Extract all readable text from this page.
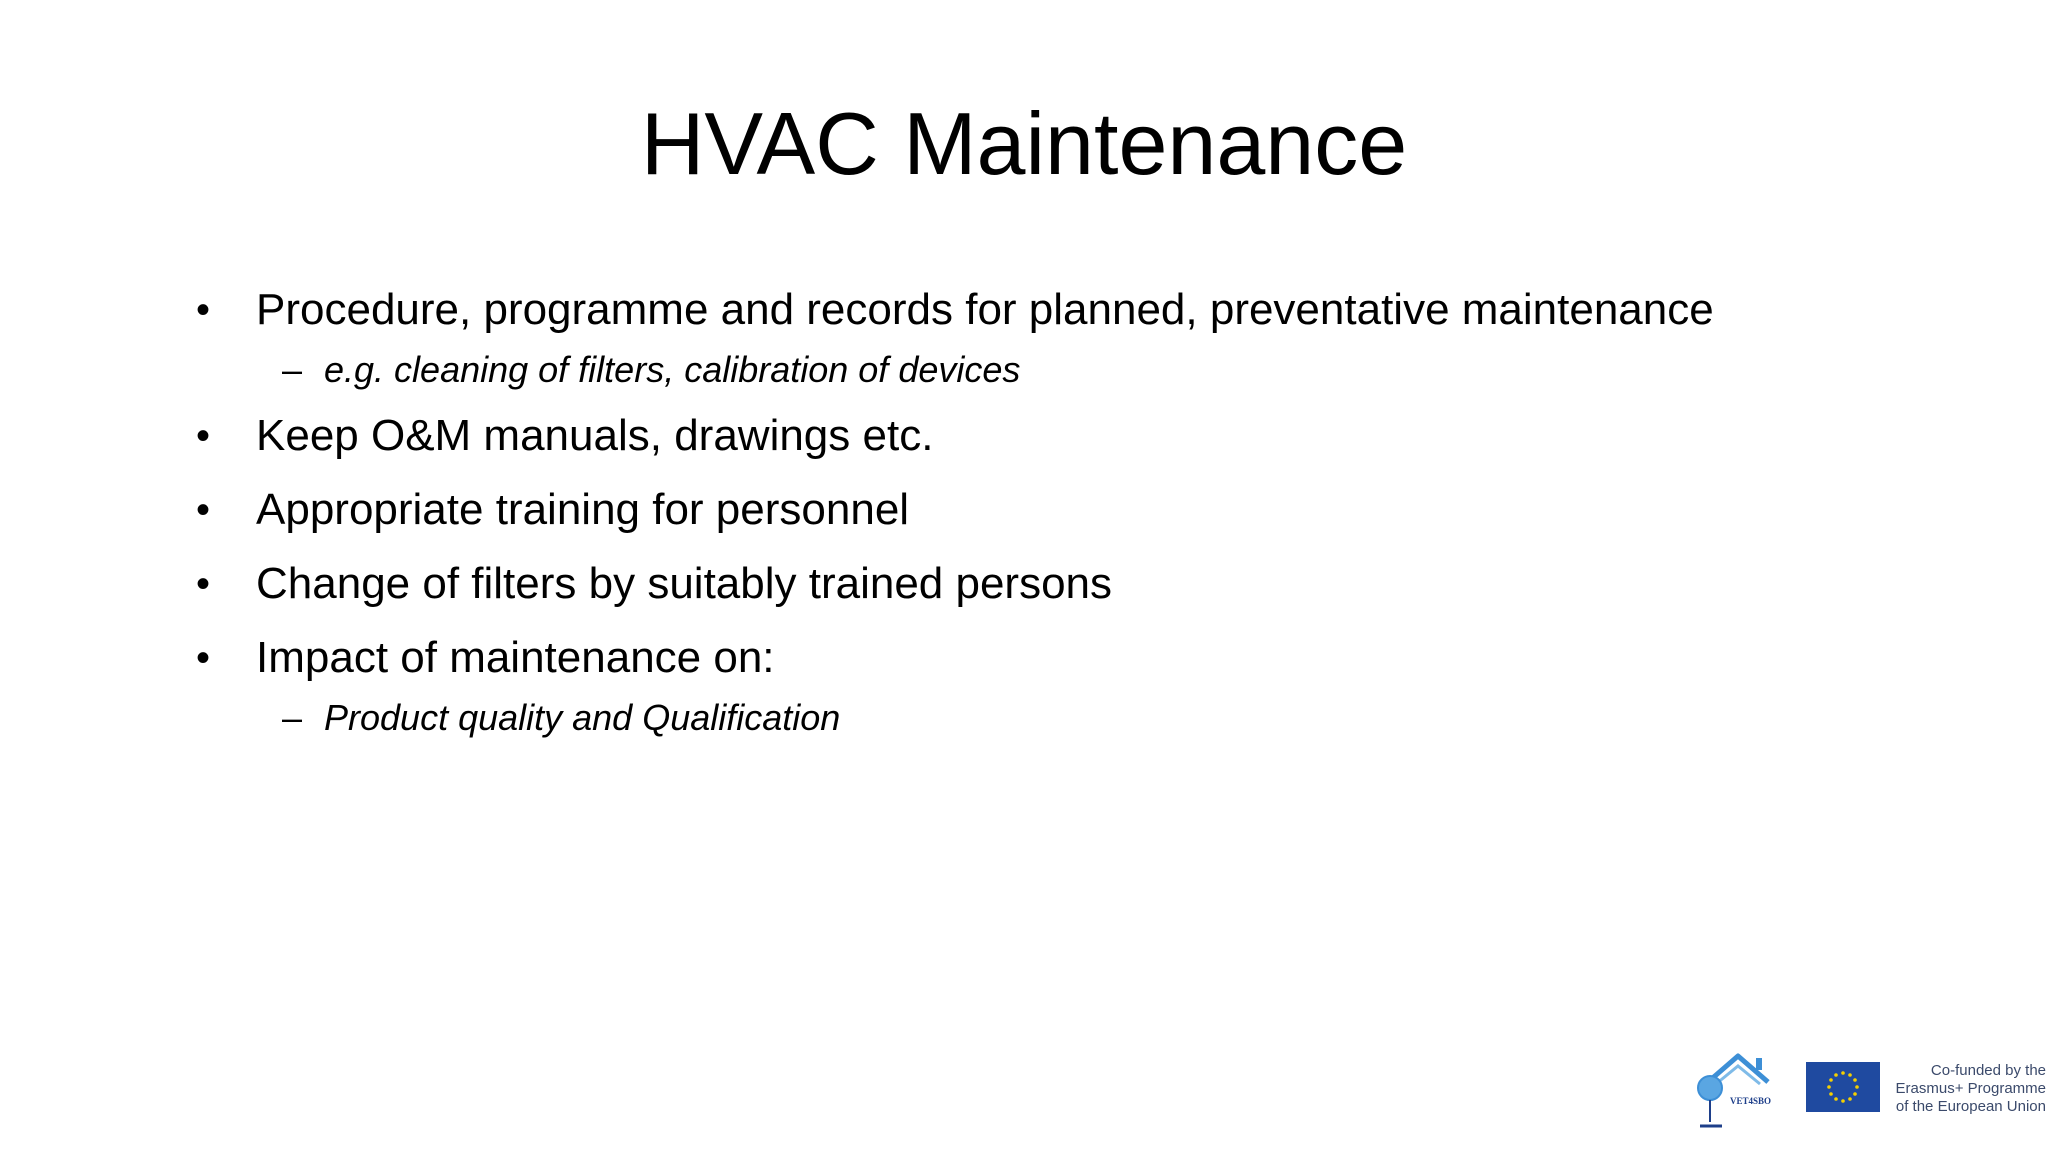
HVAC Maintenance
• Procedure, programme and records for planned, preventative maintenance
– e.g. cleaning of filters, calibration of devices
• Keep O&M manuals, drawings etc.
• Appropriate training for personnel
• Change of filters by suitably trained persons
• Impact of maintenance on:
– Product quality and Qualification
VET4SBO
Co-funded by the
Erasmus+ Programme
of the European Union
